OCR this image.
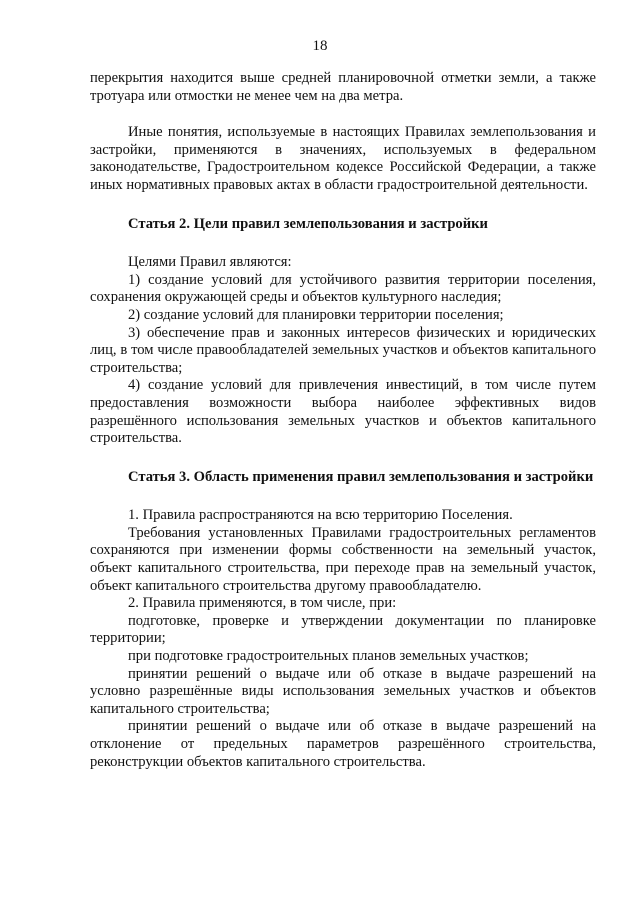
18

перекрытия находится выше средней планировочной отметки земли, а также тротуара или отмостки не менее чем на два метра.

Иные понятия, используемые в настоящих Правилах землепользования и застройки, применяются в значениях, используемых в федеральном законодательстве, Градостроительном кодексе Российской Федерации, а также иных нормативных правовых актах в области градостроительной деятельности.

Статья 2. Цели правил землепользования и застройки

Целями Правил являются:

1) создание условий для устойчивого развития территории поселения, сохранения окружающей среды и объектов культурного наследия;

2) создание условий для планировки территории поселения;

3) обеспечение прав и законных интересов физических и юридических лиц, в том числе правообладателей земельных участков и объектов капитального строительства;

4) создание условий для привлечения инвестиций, в том числе путем предоставления возможности выбора наиболее эффективных видов разрешённого использования земельных участков и объектов капитального строительства.

Статья 3. Область применения правил землепользования и застройки

1. Правила распространяются на всю территорию Поселения.

Требования установленных Правилами градостроительных регламентов сохраняются при изменении формы собственности на земельный участок, объект капитального строительства, при переходе прав на земельный участок, объект капитального строительства другому правообладателю.

2. Правила применяются, в том числе, при:

подготовке, проверке и утверждении документации по планировке территории;

при подготовке градостроительных планов земельных участков;

принятии решений о выдаче или об отказе в выдаче разрешений на условно разрешённые виды использования земельных участков и объектов капитального строительства;

принятии решений о выдаче или об отказе в выдаче разрешений на отклонение от предельных параметров разрешённого строительства, реконструкции объектов капитального строительства.
